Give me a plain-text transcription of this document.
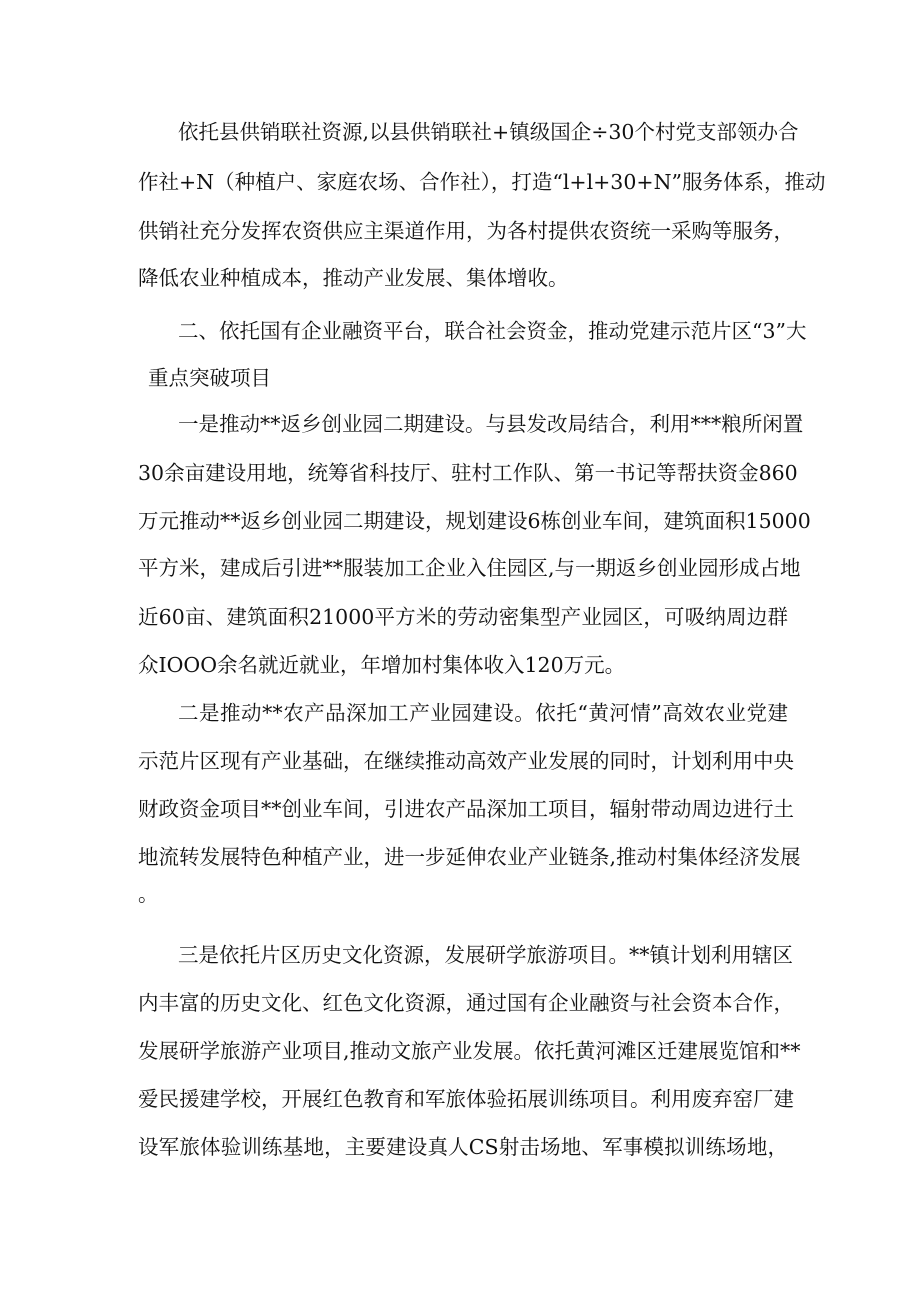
依托县供销联社资源,以县供销联社+镇级国企÷30个村党支部领办合
作社+N（种植户、家庭农场、合作社），打造“l+l+30+N”服务体系，推动
供销社充分发挥农资供应主渠道作用，为各村提供农资统一采购等服务，
降低农业种植成本，推动产业发展、集体增收。
二、依托国有企业融资平台，联合社会资金，推动党建示范片区“3”大
重点突破项目
一是推动**返乡创业园二期建设。与县发改局结合，利用***粮所闲置
30余亩建设用地，统筹省科技厅、驻村工作队、第一书记等帮扶资金860
万元推动**返乡创业园二期建设，规划建设6栋创业车间，建筑面积15000
平方米，建成后引进**服装加工企业入住园区,与一期返乡创业园形成占地
近60亩、建筑面积21000平方米的劳动密集型产业园区，可吸纳周边群
众IOOO余名就近就业，年增加村集体收入120万元。
二是推动**农产品深加工产业园建设。依托“黄河情”高效农业党建
示范片区现有产业基础，在继续推动高效产业发展的同时，计划利用中央
财政资金项目**创业车间，引进农产品深加工项目，辐射带动周边进行土
地流转发展特色种植产业，进一步延伸农业产业链条,推动村集体经济发展
。
三是依托片区历史文化资源，发展研学旅游项目。**镇计划利用辖区
内丰富的历史文化、红色文化资源，通过国有企业融资与社会资本合作，
发展研学旅游产业项目,推动文旅产业发展。依托黄河滩区迁建展览馆和**
爱民援建学校，开展红色教育和军旅体验拓展训练项目。利用废弃窑厂建
设军旅体验训练基地，主要建设真人CS射击场地、军事模拟训练场地，
